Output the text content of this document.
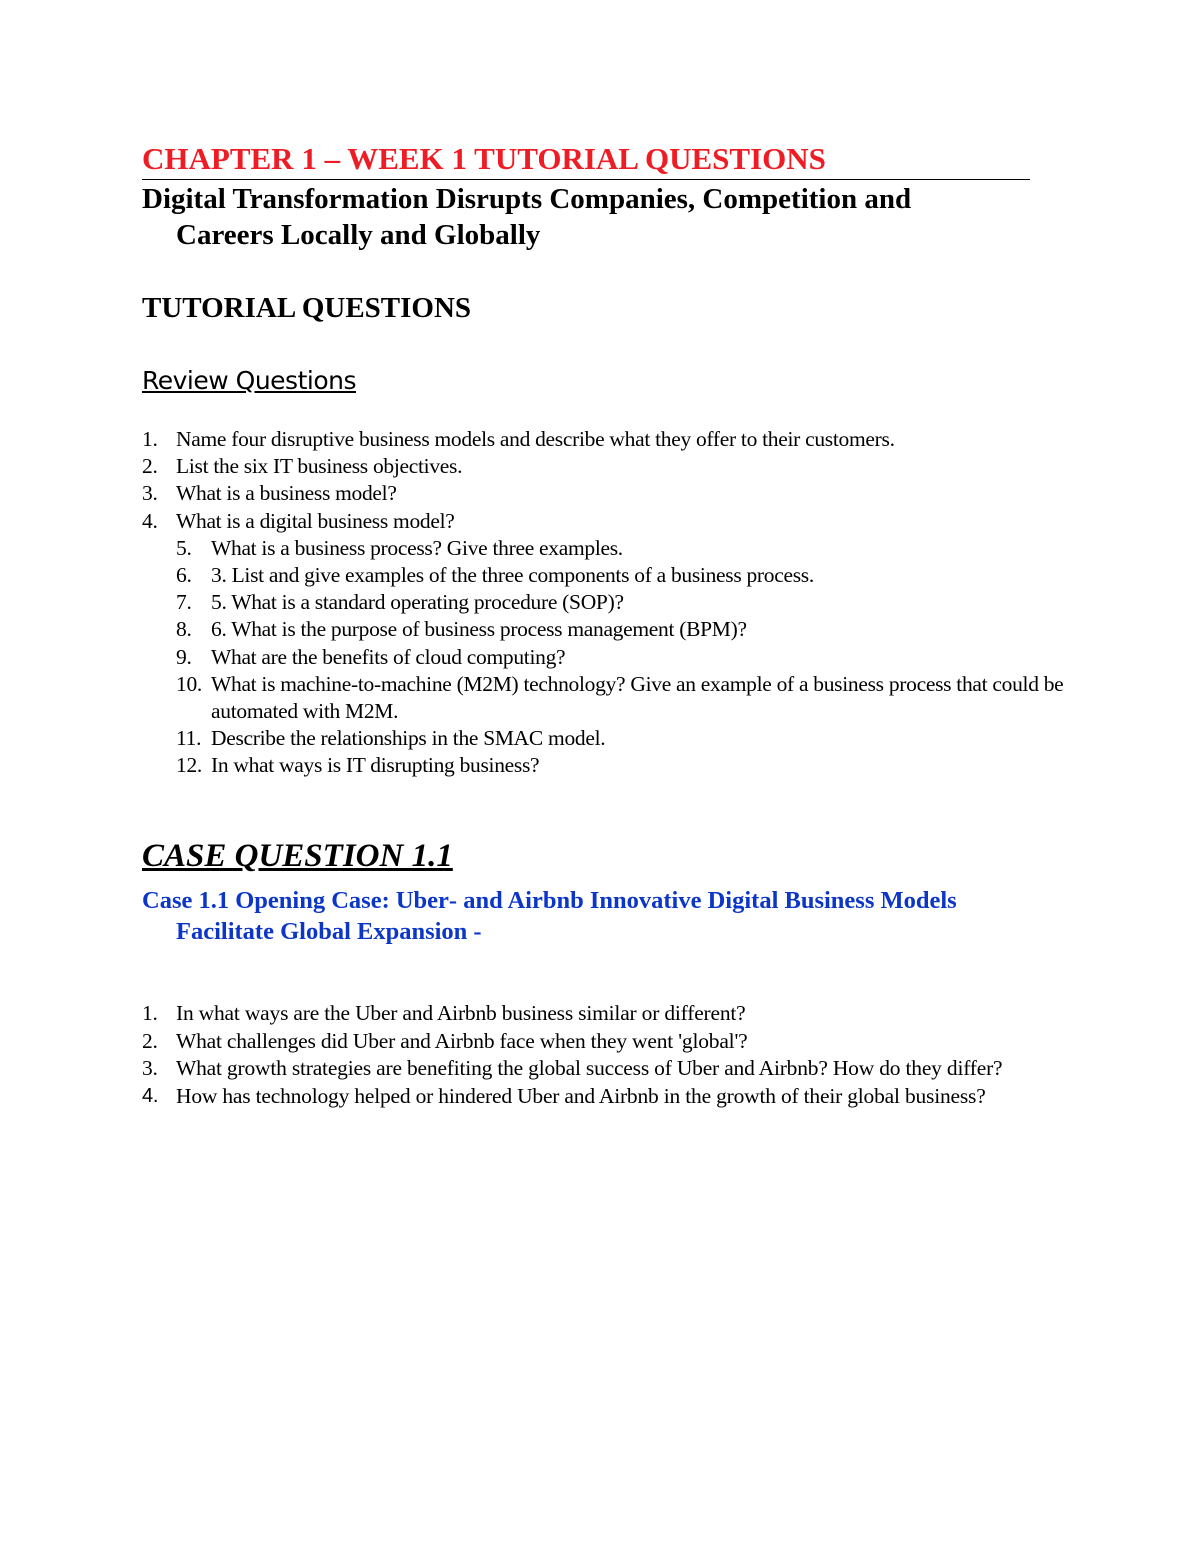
CHAPTER 1 – WEEK 1 TUTORIAL QUESTIONS
Digital Transformation Disrupts Companies, Competition and
Careers Locally and Globally
TUTORIAL QUESTIONS
Review Questions
1. Name four disruptive business models and describe what they offer to their customers.
2. List the six IT business objectives.
3. What is a business model?
4. What is a digital business model?
5. What is a business process? Give three examples.
6. 3. List and give examples of the three components of a business process.
7. 5. What is a standard operating procedure (SOP)?
8. 6. What is the purpose of business process management (BPM)?
9. What are the benefits of cloud computing?
10. What is machine-to-machine (M2M) technology? Give an example of a business process that could be automated with M2M.
11. Describe the relationships in the SMAC model.
12. In what ways is IT disrupting business?
CASE QUESTION 1.1
Case 1.1 Opening Case: Uber‐ and Airbnb Innovative Digital Business Models
Facilitate Global Expansion -
1. In what ways are the Uber and Airbnb business similar or different?
2. What challenges did Uber and Airbnb face when they went 'global'?
3. What growth strategies are benefiting the global success of Uber and Airbnb? How do they differ?
4. How has technology helped or hindered Uber and Airbnb in the growth of their global business?
